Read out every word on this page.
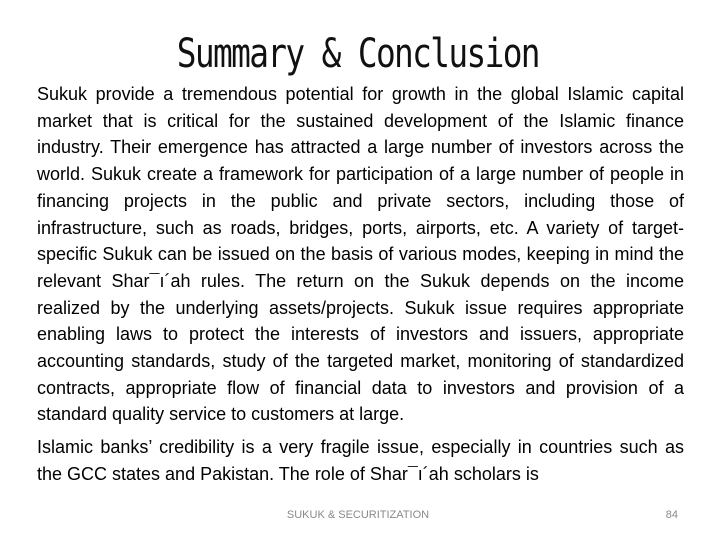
Summary & Conclusion

Sukuk provide a tremendous potential for growth in the global Islamic capital market that is critical for the sustained development of the Islamic finance industry. Their emergence has attracted a large number of investors across the world. Sukuk create a framework for participation of a large number of people in financing projects in the public and private sectors, including those of infrastructure, such as roads, bridges, ports, airports, etc. A variety of target-specific Sukuk can be issued on the basis of various modes, keeping in mind the relevant Shar¯ı´ah rules. The return on the Sukuk depends on the income realized by the underlying assets/projects. Sukuk issue requires appropriate enabling laws to protect the interests of investors and issuers, appropriate accounting standards, study of the targeted market, monitoring of standardized contracts, appropriate flow of financial data to investors and provision of a standard quality service to customers at large.

Islamic banks’ credibility is a very fragile issue, especially in countries such as the GCC states and Pakistan. The role of Shar¯ı´ah scholars is

SUKUK & SECURITIZATION	84
